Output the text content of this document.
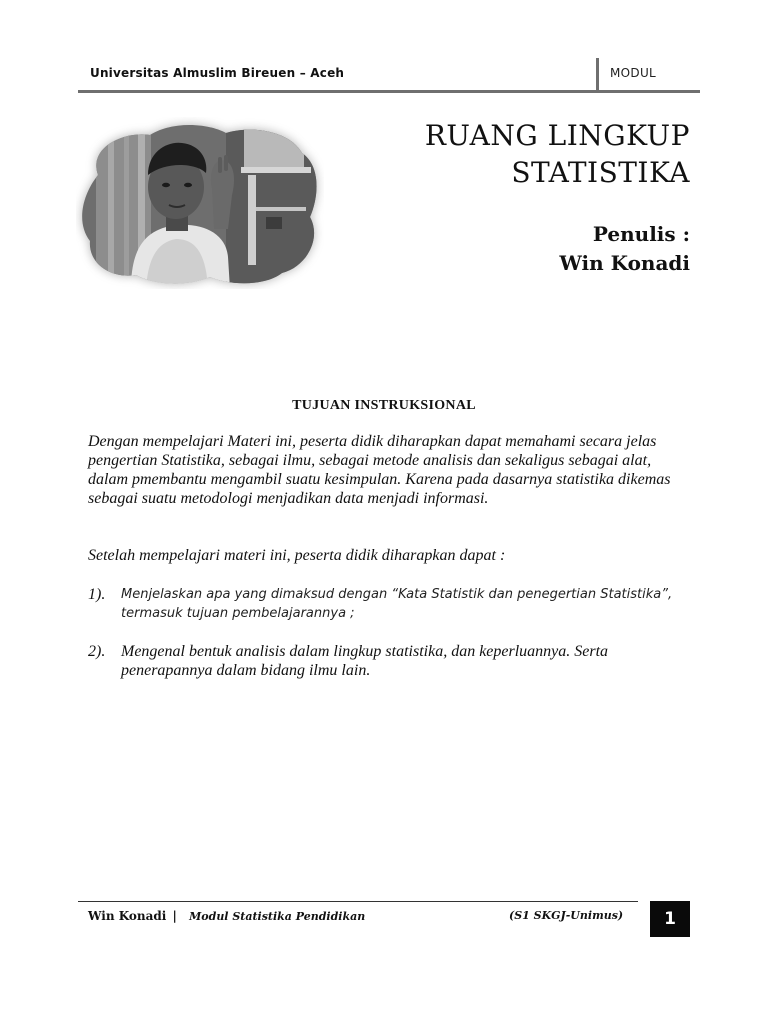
Universitas Almuslim Bireuen – Aceh	MODUL
RUANG LINGKUP
STATISTIKA
Penulis :
Win Konadi
TUJUAN INSTRUKSIONAL

Dengan mempelajari Materi ini, peserta didik diharapkan dapat memahami secara jelas pengertian Statistika, sebagai ilmu, sebagai metode analisis dan sekaligus sebagai alat, dalam pmembantu mengambil suatu kesimpulan. Karena pada dasarnya statistika dikemas sebagai suatu metodologi menjadikan data menjadi informasi.

Setelah mempelajari materi ini, peserta didik diharapkan dapat :

1). Menjelaskan apa yang dimaksud dengan “Kata Statistik dan penegertian Statistika”, termasuk tujuan pembelajarannya ;
2). Mengenal bentuk analisis dalam lingkup statistika, dan keperluannya. Serta penerapannya dalam bidang ilmu lain.
Win Konadi | Modul Statistika Pendidikan	(S1 SKGJ-Unimus)	1
